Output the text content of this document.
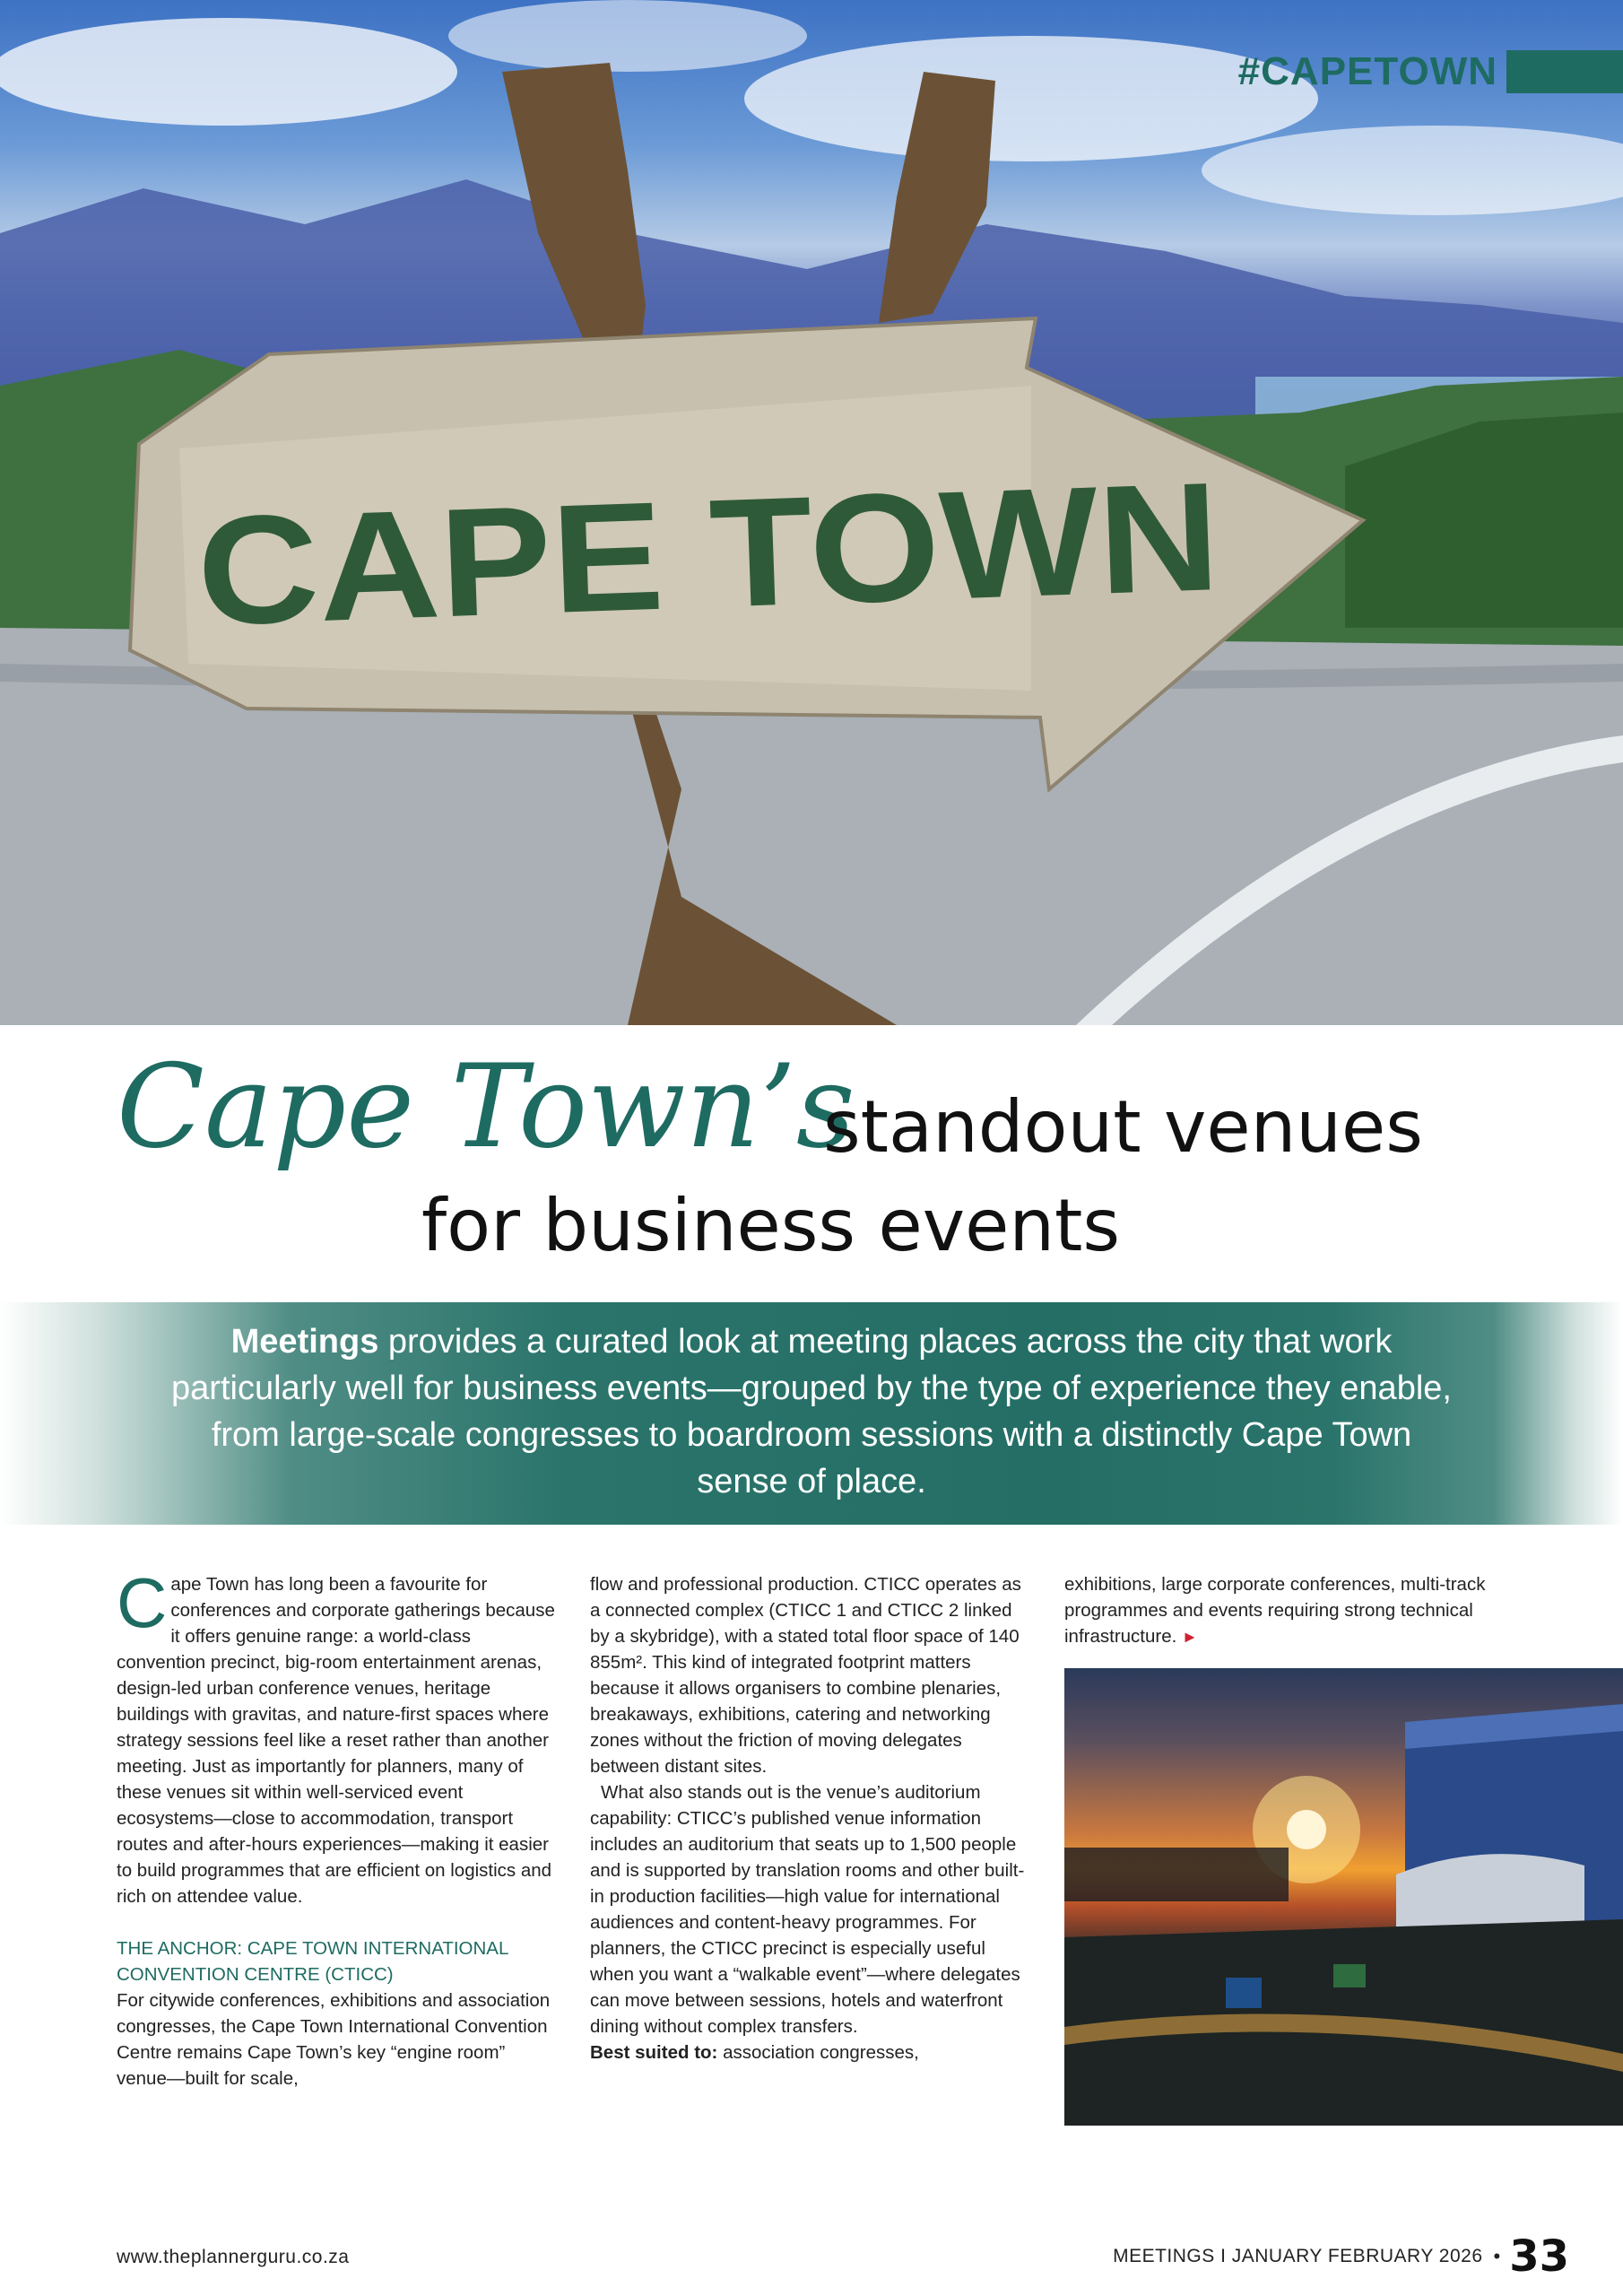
CAPE TOWN
#CAPETOWN
Cape Town’s
standout venues
for business events
Meetings provides a curated look at meeting places across the city that work particularly well for business events—grouped by the type of experience they enable, from large-scale congresses to boardroom sessions with a distinctly Cape Town sense of place.

Cape Town has long been a favourite for conferences and corporate gatherings because it offers genuine range: a world-class convention precinct, big-room entertainment arenas, design-led urban conference venues, heritage buildings with gravitas, and nature-first spaces where strategy sessions feel like a reset rather than another meeting. Just as importantly for planners, many of these venues sit within well-serviced event ecosystems—close to accommodation, transport routes and after-hours experiences—making it easier to build programmes that are efficient on logistics and rich on attendee value.

THE ANCHOR: CAPE TOWN INTERNATIONAL CONVENTION CENTRE (CTICC)

For citywide conferences, exhibitions and association congresses, the Cape Town International Convention Centre remains Cape Town’s key “engine room” venue—built for scale,

flow and professional production. CTICC operates as a connected complex (CTICC 1 and CTICC 2 linked by a skybridge), with a stated total floor space of 140 855m². This kind of integrated footprint matters because it allows organisers to combine plenaries, breakaways, exhibitions, catering and networking zones without the friction of moving delegates between distant sites.

What also stands out is the venue’s auditorium capability: CTICC’s published venue information includes an auditorium that seats up to 1,500 people and is supported by translation rooms and other built-in production facilities—high value for international audiences and content-heavy programmes. For planners, the CTICC precinct is especially useful when you want a “walkable event”—where delegates can move between sessions, hotels and waterfront dining without complex transfers.

Best suited to: association congresses,

exhibitions, large corporate conferences, multi-track programmes and events requiring strong technical infrastructure. ►

www.theplannerguru.co.za	MEETINGS I JANUARY FEBRUARY 2026 • 33
